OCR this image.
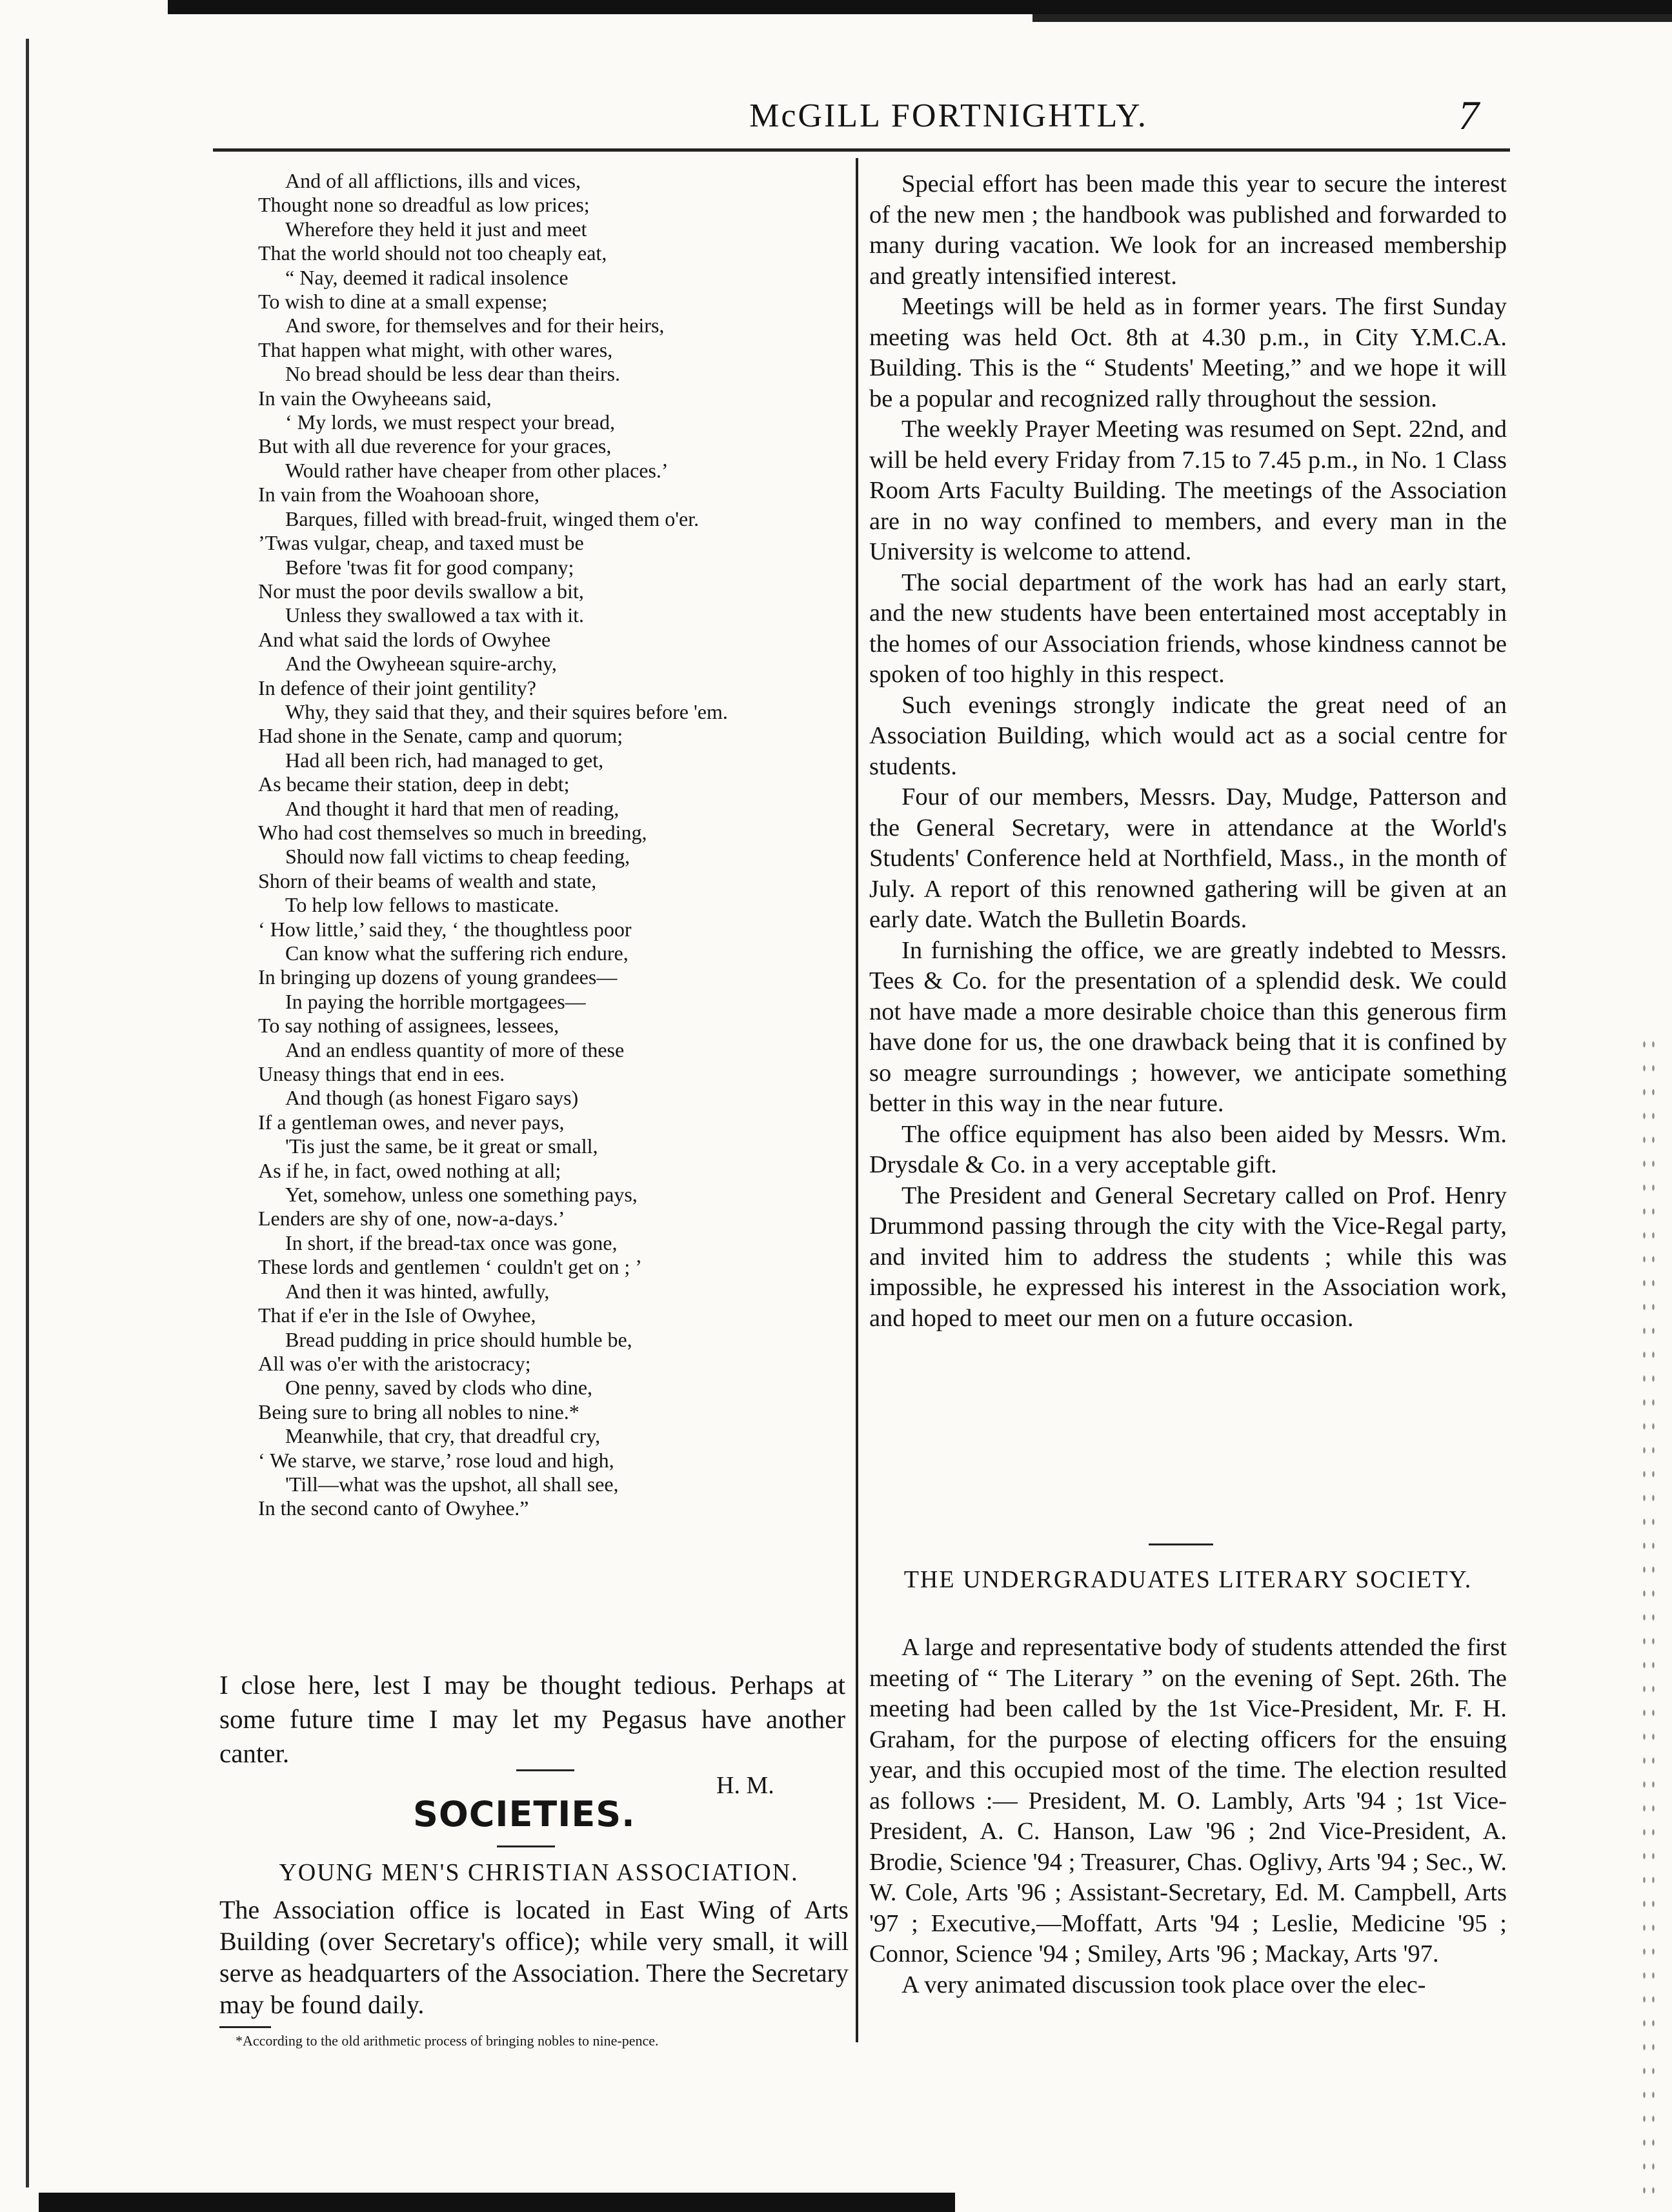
McGILL FORTNIGHTLY.	7
And of all afflictions, ills and vices,
Thought none so dreadful as low prices;
Wherefore they held it just and meet
That the world should not too cheaply eat,
“ Nay, deemed it radical insolence
To wish to dine at a small expense;
And swore, for themselves and for their heirs,
That happen what might, with other wares,
No bread should be less dear than theirs.
In vain the Owyheeans said,
‘ My lords, we must respect your bread,
But with all due reverence for your graces,
Would rather have cheaper from other places.’
In vain from the Woahooan shore,
Barques, filled with bread-fruit, winged them o'er.
’Twas vulgar, cheap, and taxed must be
Before 'twas fit for good company;
Nor must the poor devils swallow a bit,
Unless they swallowed a tax with it.
And what said the lords of Owyhee
And the Owyheean squire-archy,
In defence of their joint gentility?
Why, they said that they, and their squires before 'em.
Had shone in the Senate, camp and quorum;
Had all been rich, had managed to get,
As became their station, deep in debt;
And thought it hard that men of reading,
Who had cost themselves so much in breeding,
Should now fall victims to cheap feeding,
Shorn of their beams of wealth and state,
To help low fellows to masticate.
‘ How little,’ said they, ‘ the thoughtless poor
Can know what the suffering rich endure,
In bringing up dozens of young grandees—
In paying the horrible mortgagees—
To say nothing of assignees, lessees,
And an endless quantity of more of these
Uneasy things that end in ees.
And though (as honest Figaro says)
If a gentleman owes, and never pays,
'Tis just the same, be it great or small,
As if he, in fact, owed nothing at all;
Yet, somehow, unless one something pays,
Lenders are shy of one, now-a-days.’
In short, if the bread-tax once was gone,
These lords and gentlemen ‘ couldn't get on ; ’
And then it was hinted, awfully,
That if e'er in the Isle of Owyhee,
Bread pudding in price should humble be,
All was o'er with the aristocracy;
One penny, saved by clods who dine,
Being sure to bring all nobles to nine.*
Meanwhile, that cry, that dreadful cry,
‘ We starve, we starve,’ rose loud and high,
'Till—what was the upshot, all shall see,
In the second canto of Owyhee.”
I close here, lest I may be thought tedious. Perhaps at some future time I may let my Pegasus have another canter.
H. M.
SOCIETIES.
YOUNG MEN'S CHRISTIAN ASSOCIATION.
The Association office is located in East Wing of Arts Building (over Secretary's office); while very small, it will serve as headquarters of the Association. There the Secretary may be found daily.
*According to the old arithmetic process of bringing nobles to nine-pence.

Special effort has been made this year to secure the interest of the new men ; the handbook was published and forwarded to many during vacation. We look for an increased membership and greatly intensified interest.

Meetings will be held as in former years. The first Sunday meeting was held Oct. 8th at 4.30 p.m., in City Y.M.C.A. Building. This is the “ Students' Meeting,” and we hope it will be a popular and recognized rally throughout the session.

The weekly Prayer Meeting was resumed on Sept. 22nd, and will be held every Friday from 7.15 to 7.45 p.m., in No. 1 Class Room Arts Faculty Building. The meetings of the Association are in no way confined to members, and every man in the University is welcome to attend.

The social department of the work has had an early start, and the new students have been entertained most acceptably in the homes of our Association friends, whose kindness cannot be spoken of too highly in this respect.

Such evenings strongly indicate the great need of an Association Building, which would act as a social centre for students.

Four of our members, Messrs. Day, Mudge, Patterson and the General Secretary, were in attendance at the World's Students' Conference held at Northfield, Mass., in the month of July. A report of this renowned gathering will be given at an early date. Watch the Bulletin Boards.

In furnishing the office, we are greatly indebted to Messrs. Tees & Co. for the presentation of a splendid desk. We could not have made a more desirable choice than this generous firm have done for us, the one drawback being that it is confined by so meagre surroundings ; however, we anticipate something better in this way in the near future.

The office equipment has also been aided by Messrs. Wm. Drysdale & Co. in a very acceptable gift.

The President and General Secretary called on Prof. Henry Drummond passing through the city with the Vice-Regal party, and invited him to address the students ; while this was impossible, he expressed his interest in the Association work, and hoped to meet our men on a future occasion.

THE UNDERGRADUATES LITERARY SOCIETY.

A large and representative body of students attended the first meeting of “ The Literary ” on the evening of Sept. 26th. The meeting had been called by the 1st Vice-President, Mr. F. H. Graham, for the purpose of electing officers for the ensuing year, and this occupied most of the time. The election resulted as follows :— President, M. O. Lambly, Arts '94 ; 1st Vice-President, A. C. Hanson, Law '96 ; 2nd Vice-President, A. Brodie, Science '94 ; Treasurer, Chas. Oglivy, Arts '94 ; Sec., W. W. Cole, Arts '96 ; Assistant-Secretary, Ed. M. Campbell, Arts '97 ; Executive,—Moffatt, Arts '94 ; Leslie, Medicine '95 ; Connor, Science '94 ; Smiley, Arts '96 ; Mackay, Arts '97.

A very animated discussion took place over the elec-
